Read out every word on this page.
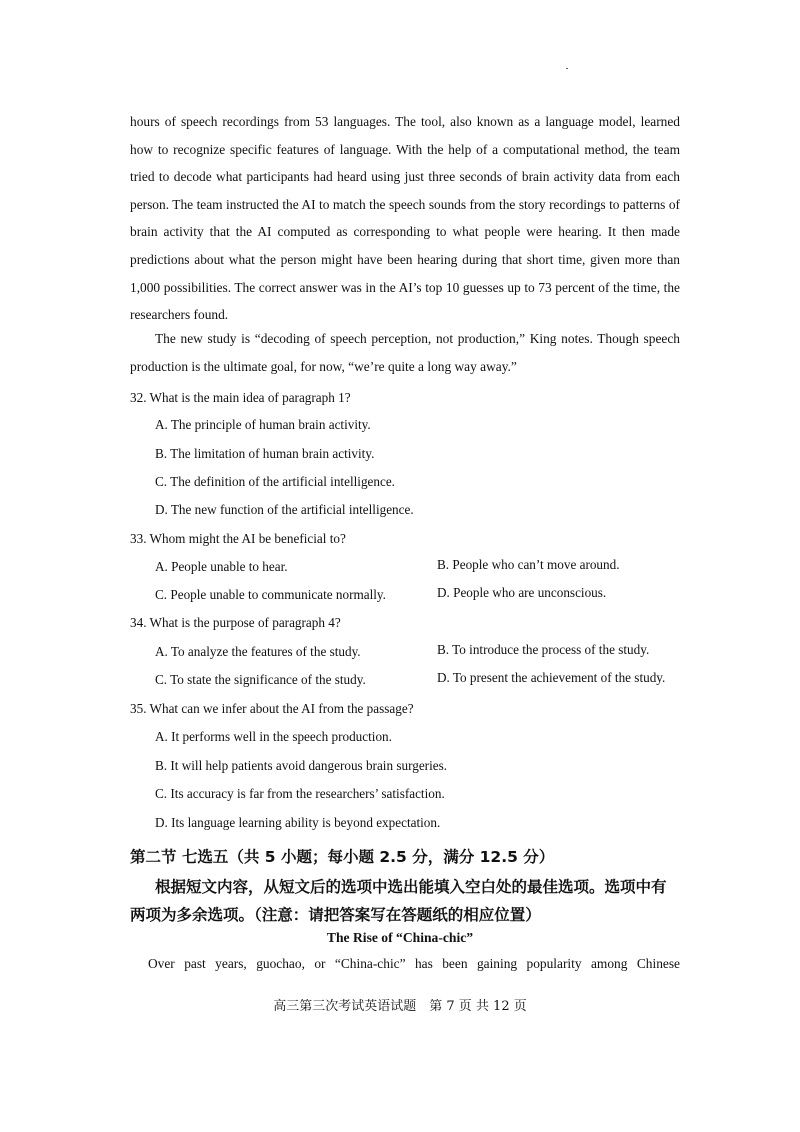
hours of speech recordings from 53 languages. The tool, also known as a language model, learned how to recognize specific features of language. With the help of a computational method, the team tried to decode what participants had heard using just three seconds of brain activity data from each person. The team instructed the AI to match the speech sounds from the story recordings to patterns of brain activity that the AI computed as corresponding to what people were hearing. It then made predictions about what the person might have been hearing during that short time, given more than 1,000 possibilities. The correct answer was in the AI’s top 10 guesses up to 73 percent of the time, the researchers found.

The new study is “decoding of speech perception, not production,” King notes. Though speech production is the ultimate goal, for now, “we’re quite a long way away.”

32. What is the main idea of paragraph 1?
A. The principle of human brain activity.
B. The limitation of human brain activity.
C. The definition of the artificial intelligence.
D. The new function of the artificial intelligence.
33. Whom might the AI be beneficial to?
A. People unable to hear.	B. People who can’t move around.
C. People unable to communicate normally.	D. People who are unconscious.
34. What is the purpose of paragraph 4?
A. To analyze the features of the study.	B. To introduce the process of the study.
C. To state the significance of the study.	D. To present the achievement of the study.
35. What can we infer about the AI from the passage?
A. It performs well in the speech production.
B. It will help patients avoid dangerous brain surgeries.
C. Its accuracy is far from the researchers’ satisfaction.
D. Its language learning ability is beyond expectation.
第二节 七选五（共 5 小题；每小题 2.5 分，满分 12.5 分）

根据短文内容，从短文后的选项中选出能填入空白处的最佳选项。选项中有两项为多余选项。（注意：请把答案写在答题纸的相应位置）

The Rise of “China-chic”

Over past years, guochao, or “China-chic” has been gaining popularity among Chinese

高三第三次考试英语试题　第 7 页 共 12 页
